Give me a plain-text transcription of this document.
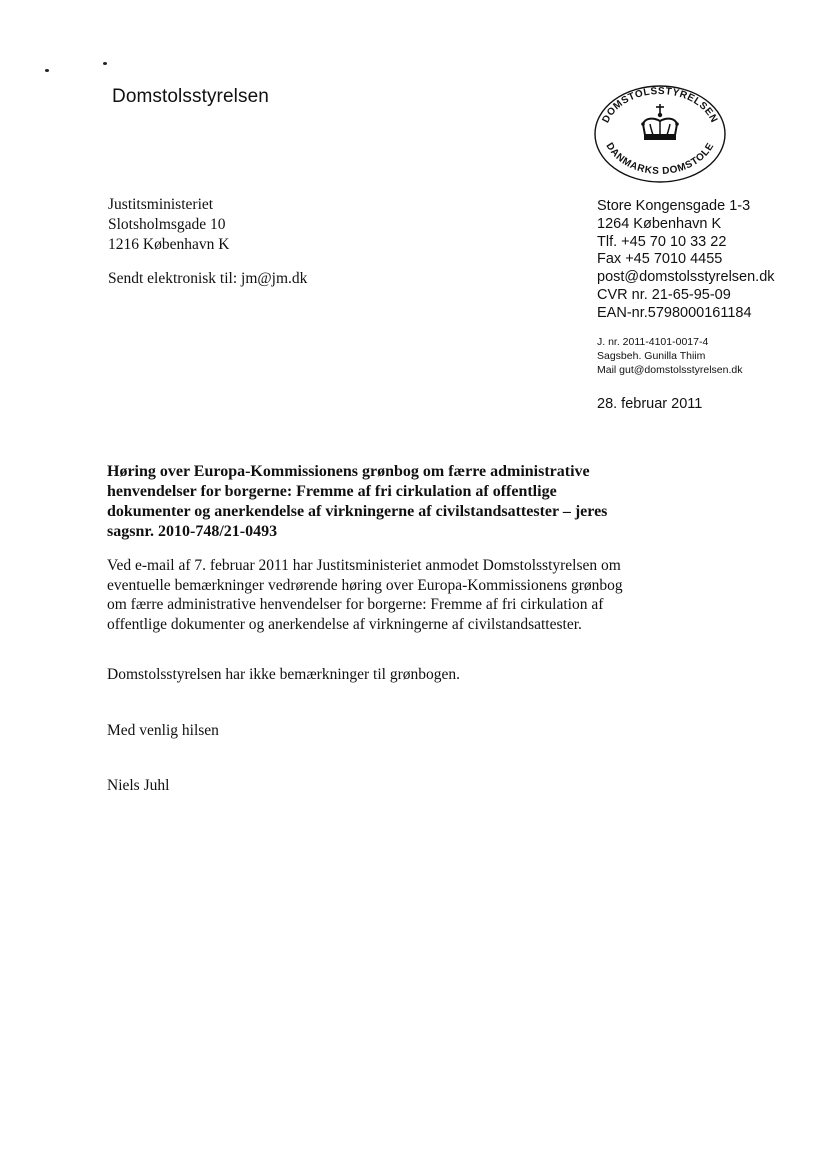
Domstolsstyrelsen
DOMSTOLSSTYRELSEN
DANMARKS DOMSTOLE
Justitsministeriet
Slotsholmsgade 10
1216 København K
Sendt elektronisk til: jm@jm.dk
Store Kongensgade 1-3
1264 København K
Tlf. +45 70 10 33 22
Fax +45 7010 4455
post@domstolsstyrelsen.dk
CVR nr. 21-65-95-09
EAN-nr.5798000161184
J. nr. 2011-4101-0017-4
Sagsbeh. Gunilla Thiim
Mail gut@domstolsstyrelsen.dk
28. februar 2011
Høring over Europa-Kommissionens grønbog om færre administrative henvendelser for borgerne: Fremme af fri cirkulation af offentlige dokumenter og anerkendelse af virkningerne af civilstandsattester – jeres sagsnr. 2010-748/21-0493
Ved e-mail af 7. februar 2011 har Justitsministeriet anmodet Domstolsstyrelsen om eventuelle bemærkninger vedrørende høring over Europa-Kommissionens grønbog om færre administrative henvendelser for borgerne: Fremme af fri cirkulation af offentlige dokumenter og anerkendelse af virkningerne af civilstandsattester.
Domstolsstyrelsen har ikke bemærkninger til grønbogen.
Med venlig hilsen
Niels Juhl
